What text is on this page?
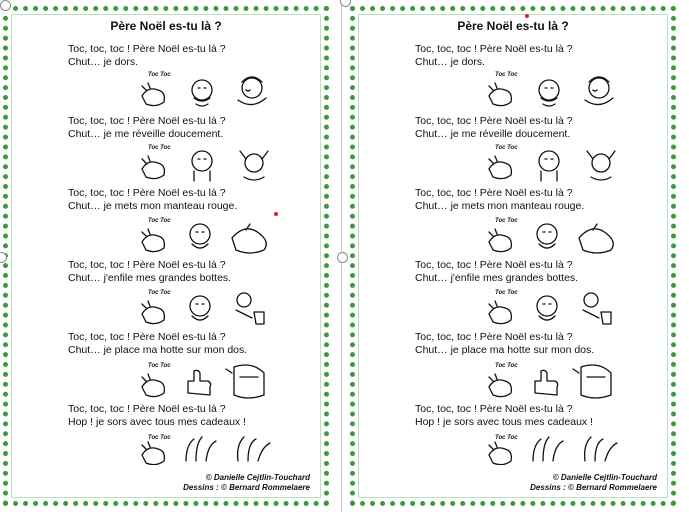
Père Noël es-tu là ?
Toc, toc, toc ! Père Noël es-tu là ?
Chut… je dors.
Toc Toc
Toc, toc, toc ! Père Noël es-tu là ?
Chut… je me réveille doucement.
Toc Toc
Toc, toc, toc ! Père Noël es-tu là ?
Chut… je mets mon manteau rouge.
Toc Toc
Toc, toc, toc ! Père Noël es-tu là ?
Chut… j'enfile mes grandes bottes.
Toc Toc
Toc, toc, toc ! Père Noël es-tu là ?
Chut… je place ma hotte sur mon dos.
Toc Toc
Toc, toc, toc ! Père Noël es-tu là ?
Hop ! je sors avec tous mes cadeaux !
Toc Toc
© Danielle Cejtlin-Touchard
Dessins : © Bernard Rommelaere
Père Noël es-tu là ?
Toc, toc, toc ! Père Noël es-tu là ?
Chut… je dors.
Toc Toc
Toc, toc, toc ! Père Noël es-tu là ?
Chut… je me réveille doucement.
Toc Toc
Toc, toc, toc ! Père Noël es-tu là ?
Chut… je mets mon manteau rouge.
Toc Toc
Toc, toc, toc ! Père Noël es-tu là ?
Chut… j'enfile mes grandes bottes.
Toc Toc
Toc, toc, toc ! Père Noël es-tu là ?
Chut… je place ma hotte sur mon dos.
Toc Toc
Toc, toc, toc ! Père Noël es-tu là ?
Hop ! je sors avec tous mes cadeaux !
Toc Toc
© Danielle Cejtlin-Touchard
Dessins : © Bernard Rommelaere
